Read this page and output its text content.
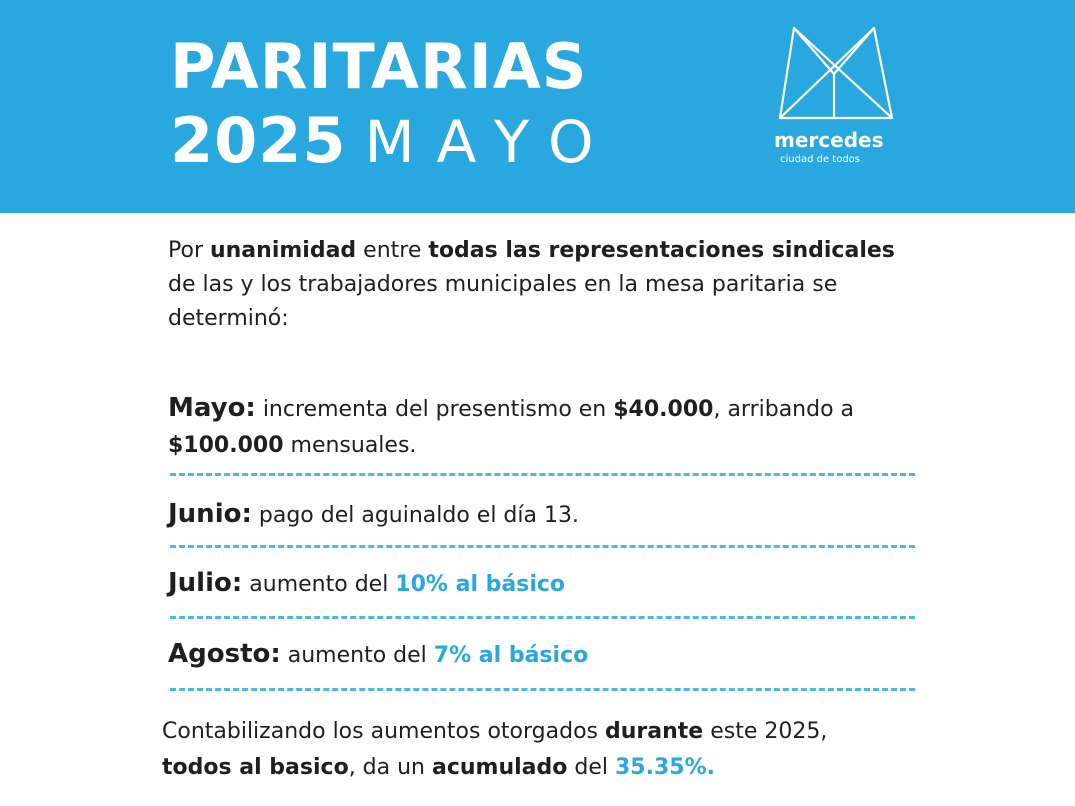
PARITARIAS
2025 MAYO	mercedes
ciudad de todos
Por unanimidad entre todas las representaciones sindicales de las y los trabajadores municipales en la mesa paritaria se determinó:
Mayo: incrementa del presentismo en $40.000, arribando a $100.000 mensuales.
Junio: pago del aguinaldo el día 13.
Julio: aumento del 10% al básico
Agosto: aumento del 7% al básico
Contabilizando los aumentos otorgados durante este 2025,
todos al basico, da un acumulado del 35.35%.
